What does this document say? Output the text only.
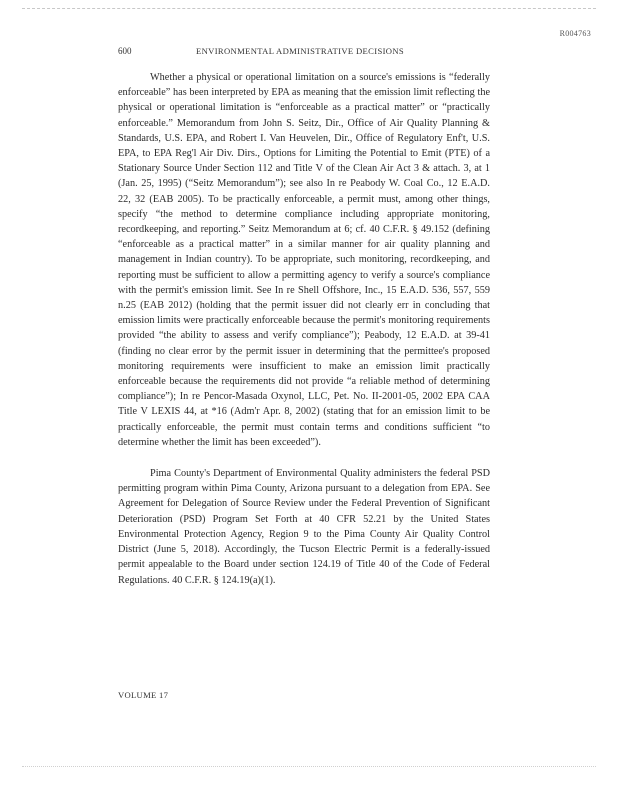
R004763
600	ENVIRONMENTAL ADMINISTRATIVE DECISIONS

Whether a physical or operational limitation on a source's emissions is “federally enforceable” has been interpreted by EPA as meaning that the emission limit reflecting the physical or operational limitation is “enforceable as a practical matter” or “practically enforceable.” Memorandum from John S. Seitz, Dir., Office of Air Quality Planning & Standards, U.S. EPA, and Robert I. Van Heuvelen, Dir., Office of Regulatory Enf't, U.S. EPA, to EPA Reg'l Air Div. Dirs., Options for Limiting the Potential to Emit (PTE) of a Stationary Source Under Section 112 and Title V of the Clean Air Act 3 & attach. 3, at 1 (Jan. 25, 1995) (“Seitz Memorandum”); see also In re Peabody W. Coal Co., 12 E.A.D. 22, 32 (EAB 2005). To be practically enforceable, a permit must, among other things, specify “the method to determine compliance including appropriate monitoring, recordkeeping, and reporting.” Seitz Memorandum at 6; cf. 40 C.F.R. § 49.152 (defining “enforceable as a practical matter” in a similar manner for air quality planning and management in Indian country). To be appropriate, such monitoring, recordkeeping, and reporting must be sufficient to allow a permitting agency to verify a source's compliance with the permit's emission limit. See In re Shell Offshore, Inc., 15 E.A.D. 536, 557, 559 n.25 (EAB 2012) (holding that the permit issuer did not clearly err in concluding that emission limits were practically enforceable because the permit's monitoring requirements provided “the ability to assess and verify compliance”); Peabody, 12 E.A.D. at 39-41 (finding no clear error by the permit issuer in determining that the permittee's proposed monitoring requirements were insufficient to make an emission limit practically enforceable because the requirements did not provide “a reliable method of determining compliance”); In re Pencor-Masada Oxynol, LLC, Pet. No. II-2001-05, 2002 EPA CAA Title V LEXIS 44, at *16 (Adm'r Apr. 8, 2002) (stating that for an emission limit to be practically enforceable, the permit must contain terms and conditions sufficient “to determine whether the limit has been exceeded”).

Pima County's Department of Environmental Quality administers the federal PSD permitting program within Pima County, Arizona pursuant to a delegation from EPA. See Agreement for Delegation of Source Review under the Federal Prevention of Significant Deterioration (PSD) Program Set Forth at 40 CFR 52.21 by the United States Environmental Protection Agency, Region 9 to the Pima County Air Quality Control District (June 5, 2018). Accordingly, the Tucson Electric Permit is a federally-issued permit appealable to the Board under section 124.19 of Title 40 of the Code of Federal Regulations. 40 C.F.R. § 124.19(a)(1).

VOLUME 17
